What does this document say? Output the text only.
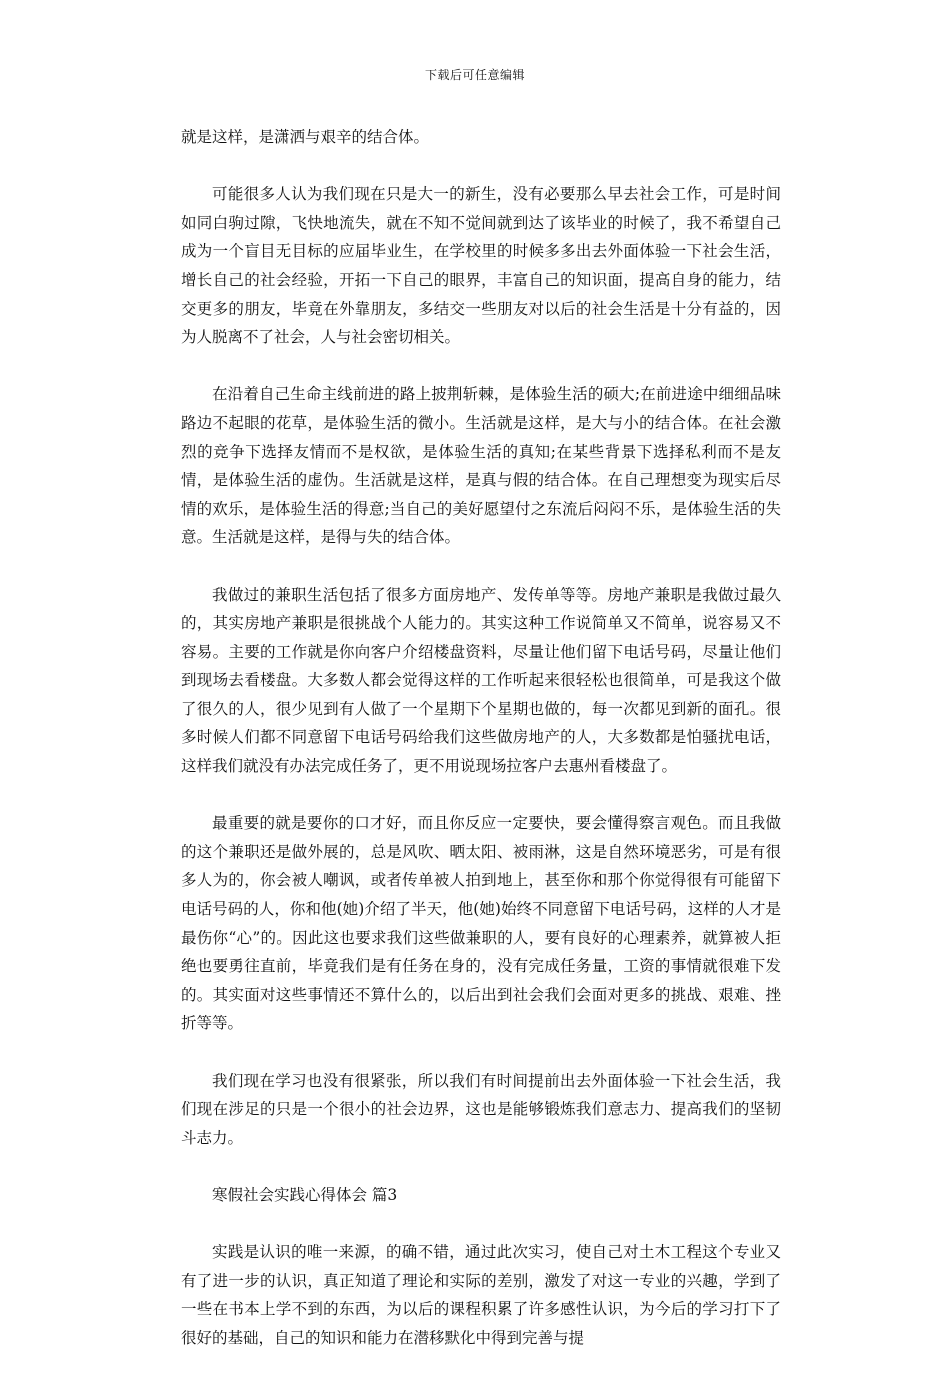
下载后可任意编辑

就是这样，是潇洒与艰辛的结合体。

可能很多人认为我们现在只是大一的新生，没有必要那么早去社会工作，可是时间如同白驹过隙，飞快地流失，就在不知不觉间就到达了该毕业的时候了，我不希望自己成为一个盲目无目标的应届毕业生，在学校里的时候多多出去外面体验一下社会生活，增长自己的社会经验，开拓一下自己的眼界，丰富自己的知识面，提高自身的能力，结交更多的朋友，毕竟在外靠朋友，多结交一些朋友对以后的社会生活是十分有益的，因为人脱离不了社会，人与社会密切相关。

在沿着自己生命主线前进的路上披荆斩棘，是体验生活的硕大;在前进途中细细品味路边不起眼的花草，是体验生活的微小。生活就是这样，是大与小的结合体。在社会激烈的竞争下选择友情而不是权欲，是体验生活的真知;在某些背景下选择私利而不是友情，是体验生活的虚伪。生活就是这样，是真与假的结合体。在自己理想变为现实后尽情的欢乐，是体验生活的得意;当自己的美好愿望付之东流后闷闷不乐，是体验生活的失意。生活就是这样，是得与失的结合体。

我做过的兼职生活包括了很多方面房地产、发传单等等。房地产兼职是我做过最久的，其实房地产兼职是很挑战个人能力的。其实这种工作说简单又不简单，说容易又不容易。主要的工作就是你向客户介绍楼盘资料，尽量让他们留下电话号码，尽量让他们到现场去看楼盘。大多数人都会觉得这样的工作听起来很轻松也很简单，可是我这个做了很久的人，很少见到有人做了一个星期下个星期也做的，每一次都见到新的面孔。很多时候人们都不同意留下电话号码给我们这些做房地产的人，大多数都是怕骚扰电话，这样我们就没有办法完成任务了，更不用说现场拉客户去惠州看楼盘了。

最重要的就是要你的口才好，而且你反应一定要快，要会懂得察言观色。而且我做的这个兼职还是做外展的，总是风吹、晒太阳、被雨淋，这是自然环境恶劣，可是有很多人为的，你会被人嘲讽，或者传单被人拍到地上，甚至你和那个你觉得很有可能留下电话号码的人，你和他(她)介绍了半天，他(她)始终不同意留下电话号码，这样的人才是最伤你“心”的。因此这也要求我们这些做兼职的人，要有良好的心理素养，就算被人拒绝也要勇往直前，毕竟我们是有任务在身的，没有完成任务量，工资的事情就很难下发的。其实面对这些事情还不算什么的，以后出到社会我们会面对更多的挑战、艰难、挫折等等。

我们现在学习也没有很紧张，所以我们有时间提前出去外面体验一下社会生活，我们现在涉足的只是一个很小的社会边界，这也是能够锻炼我们意志力、提高我们的坚韧斗志力。

寒假社会实践心得体会 篇3

实践是认识的唯一来源，的确不错，通过此次实习，使自己对土木工程这个专业又有了进一步的认识，真正知道了理论和实际的差别，激发了对这一专业的兴趣，学到了一些在书本上学不到的东西，为以后的课程积累了许多感性认识，为今后的学习打下了很好的基础，自己的知识和能力在潜移默化中得到完善与提
